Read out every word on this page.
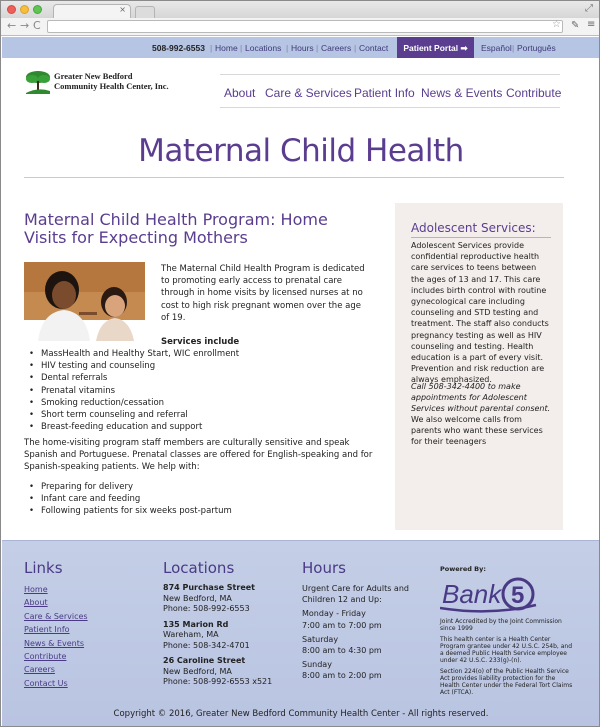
×	⤢
← → C	☆ ✎ ≡
508-992-6553 | Home | Locations | Hours | Careers | Contact	Patient Portal ➡	Español | Português
Greater New Bedford
Community Health Center, Inc.	About Care & Services Patient Info News & Events Contribute
Maternal Child Health
Maternal Child Health Program: Home Visits for Expecting Mothers
The Maternal Child Health Program is dedicated to promoting early access to prenatal care through in home visits by licensed nurses at no cost to high risk pregnant women over the age of 19.
Services include
• MassHealth and Healthy Start, WIC enrollment
• HIV testing and counseling
• Dental referrals
• Prenatal vitamins
• Smoking reduction/cessation
• Short term counseling and referral
• Breast-feeding education and support
The home-visiting program staff members are culturally sensitive and speak Spanish and Portuguese. Prenatal classes are offered for English-speaking and for Spanish-speaking patients. We help with:
• Preparing for delivery
• Infant care and feeding
• Following patients for six weeks post-partum
Adolescent Services:
Adolescent Services provide confidential reproductive health care services to teens between the ages of 13 and 17. This care includes birth control with routine gynecological care including counseling and STD testing and treatment. The staff also conducts pregnancy testing as well as HIV counseling and testing. Health education is a part of every visit. Prevention and risk reduction are always emphasized.
Call 508-342-4400 to make appointments for Adolescent Services without parental consent.
We also welcome calls from parents who want these services for their teenagers
Links
Home
About
Care & Services
Patient Info
News & Events
Contribute
Careers
Contact Us
Locations
874 Purchase Street
New Bedford, MA
Phone: 508-992-6553
135 Marion Rd
Wareham, MA
Phone: 508-342-4701
26 Caroline Street
New Bedford, MA
Phone: 508-992-6553 x521
Hours
Urgent Care for Adults and Children 12 and Up:
Monday - Friday
7:00 am to 7:00 pm
Saturday
8:00 am to 4:30 pm
Sunday
8:00 am to 2:00 pm
Powered By:
Bank 5
Joint Accredited by the Joint Commission since 1999
This health center is a Health Center Program grantee under 42 U.S.C. 254b, and a deemed Public Health Service employee under 42 U.S.C. 233(g)-(n).
Section 224(o) of the Public Health Service Act provides liability protection for the Health Center under the Federal Tort Claims Act (FTCA).
Copyright © 2016, Greater New Bedford Community Health Center - All rights reserved.
